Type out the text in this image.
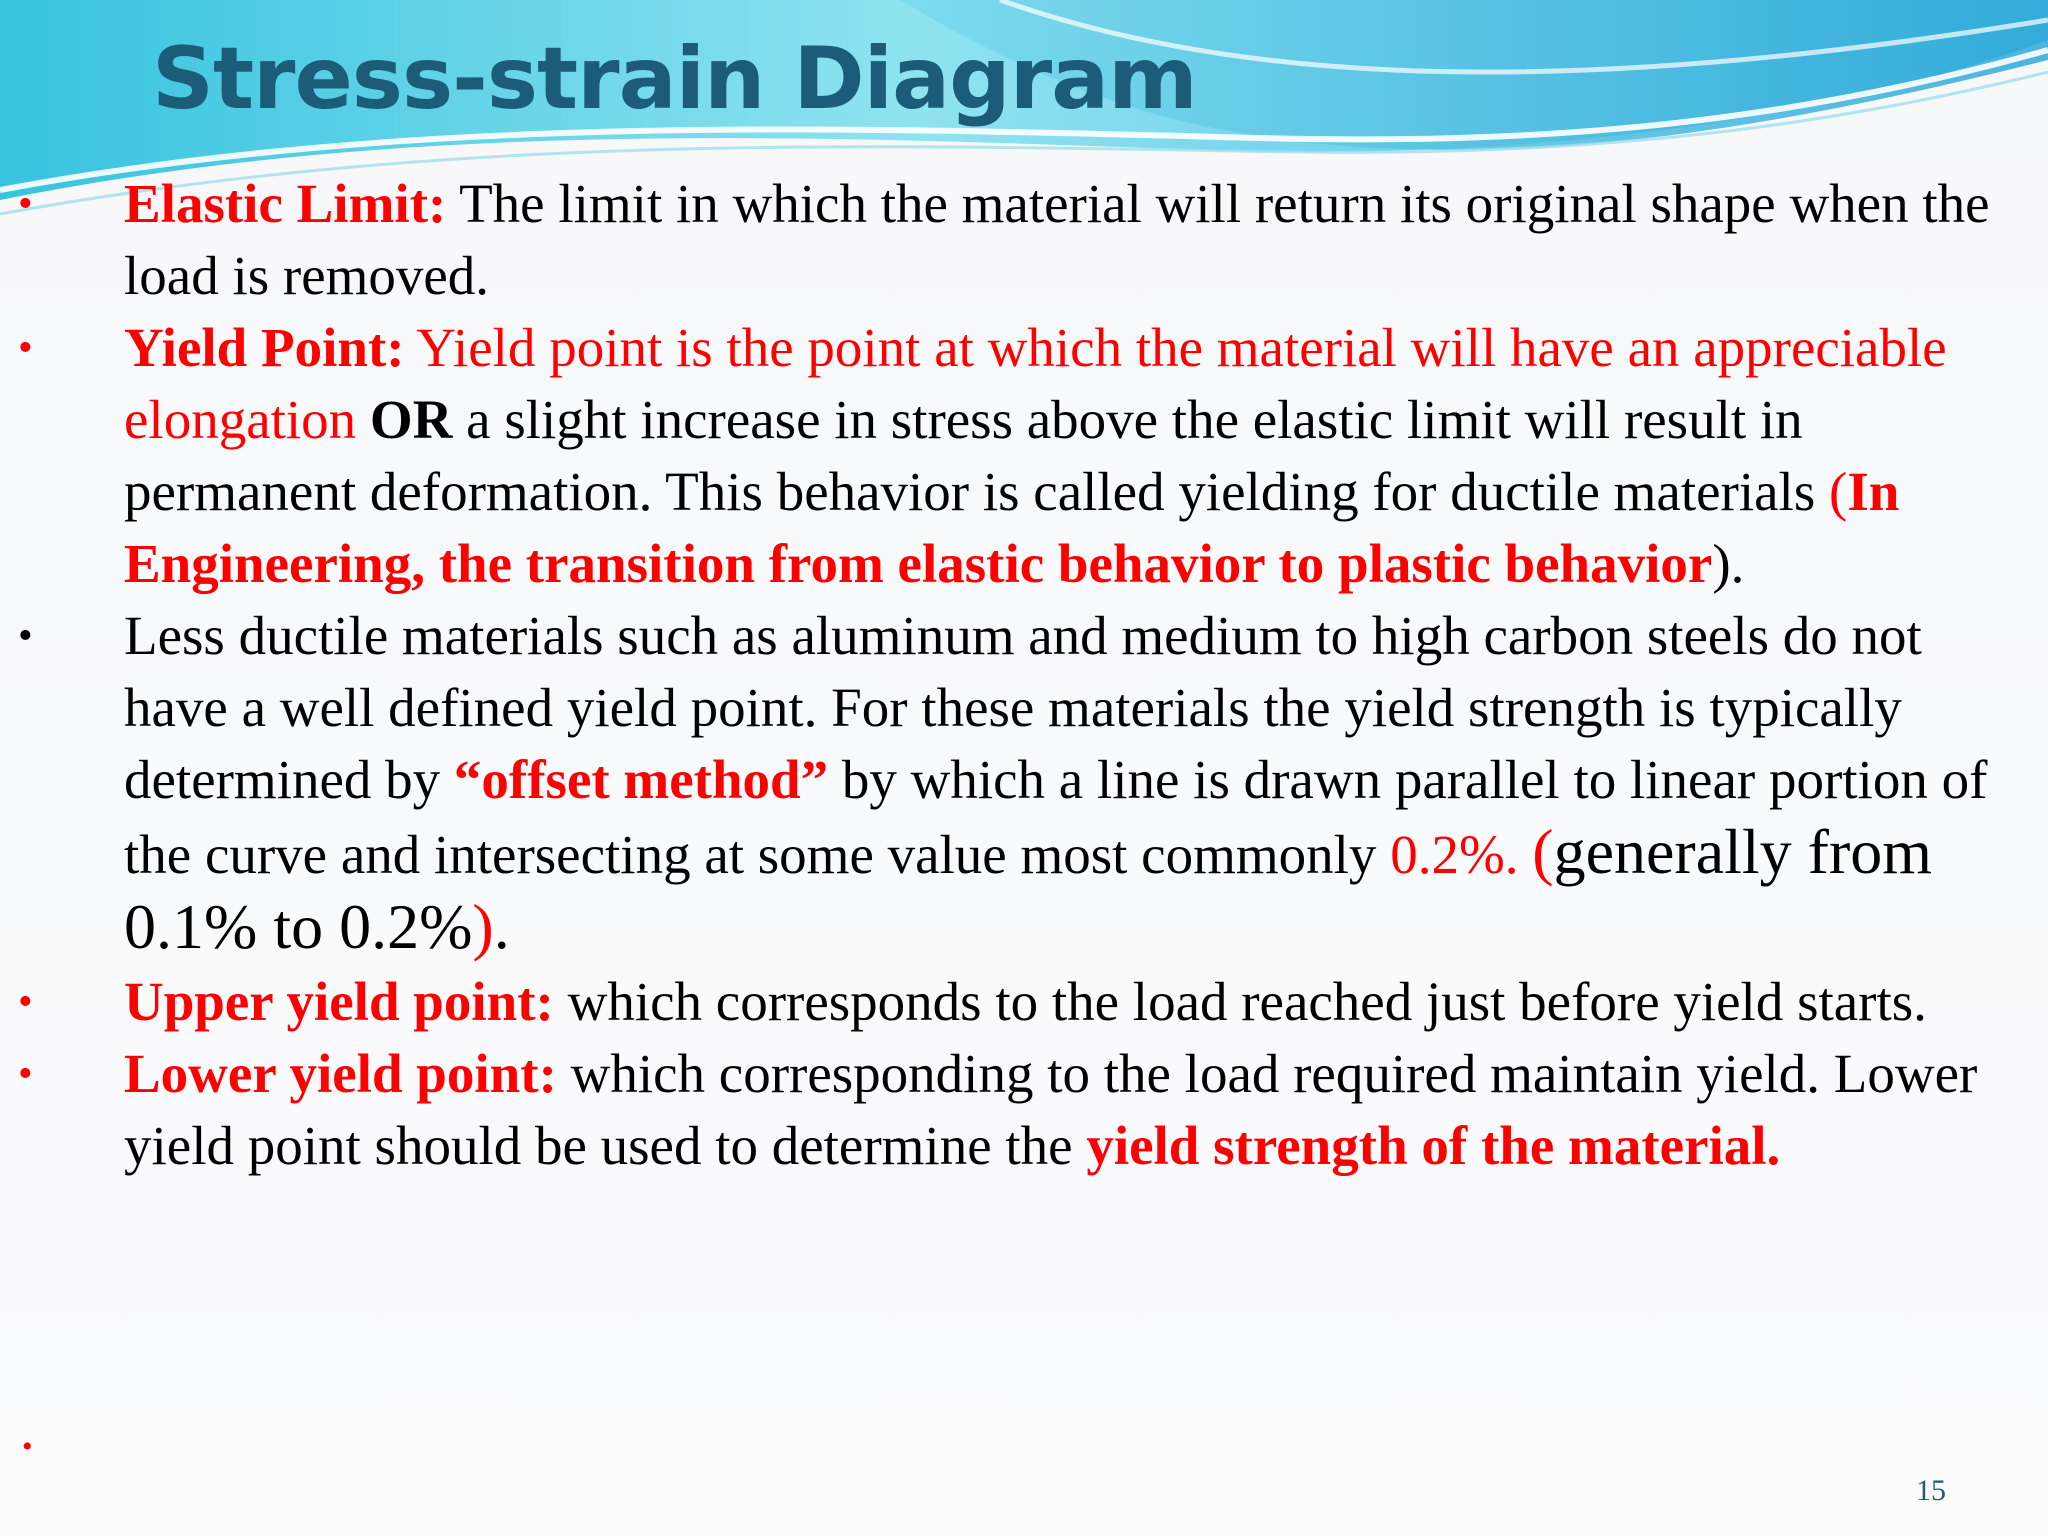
Stress-strain Diagram
•	Elastic Limit: The limit in which the material will return its original shape when the load is removed.
•	Yield Point: Yield point is the point at which the material will have an appreciable elongation OR a slight increase in stress above the elastic limit will result in permanent deformation. This behavior is called yielding for ductile materials (In Engineering, the transition from elastic behavior to plastic behavior).
•	Less ductile materials such as aluminum and medium to high carbon steels do not have a well defined yield point. For these materials the yield strength is typically determined by “offset method” by which a line is drawn parallel to linear portion of the curve and intersecting at some value most commonly 0.2%. (generally from 0.1% to 0.2%).
•	Upper yield point: which corresponds to the load reached just before yield starts.
•	Lower yield point: which corresponding to the load required maintain yield. Lower yield point should be used to determine the yield strength of the material.
•
15
